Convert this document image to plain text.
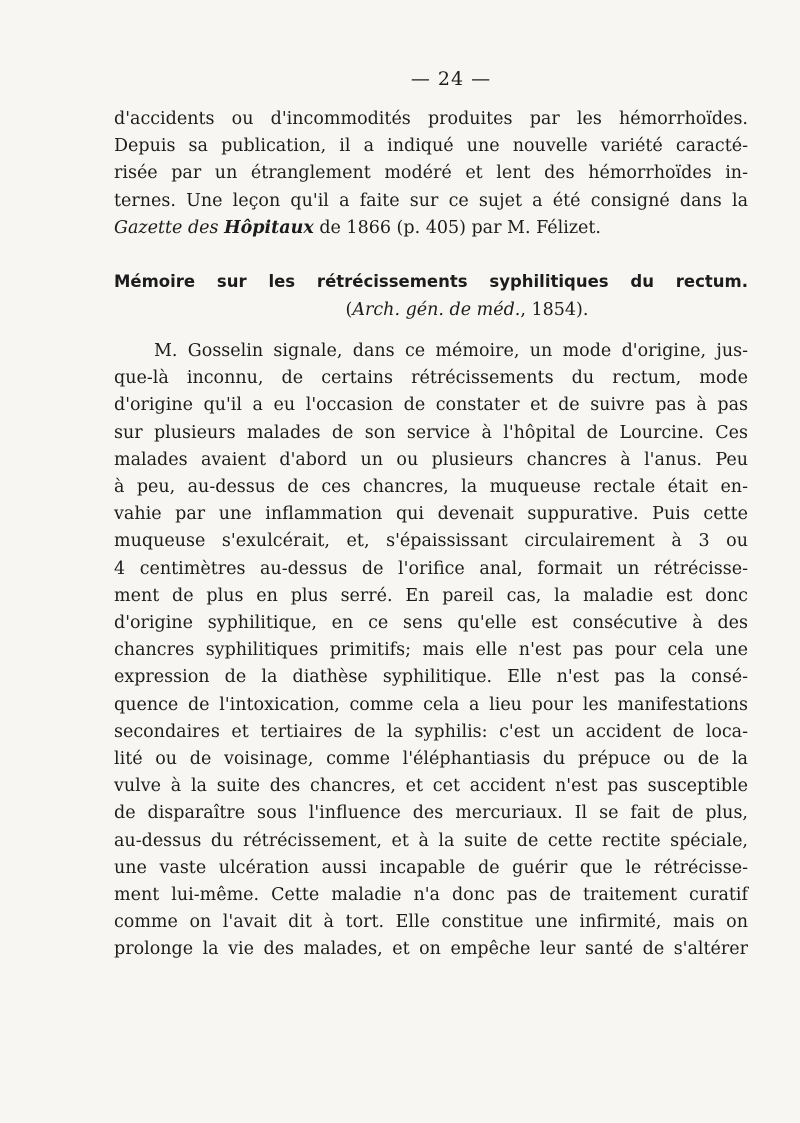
— 24 —

d'accidents ou d'incommodités produites par les hémorrhoïdes.
Depuis sa publication, il a indiqué une nouvelle variété caracté-
risée par un étranglement modéré et lent des hémorrhoïdes in-
ternes. Une leçon qu'il a faite sur ce sujet a été consigné dans la
Gazette des Hôpitaux de 1866 (p. 405) par M. Félizet.

Mémoire sur les rétrécissements syphilitiques du rectum.
(Arch. gén. de méd., 1854).

M. Gosselin signale, dans ce mémoire, un mode d'origine, jus-
que-là inconnu, de certains rétrécissements du rectum, mode
d'origine qu'il a eu l'occasion de constater et de suivre pas à pas
sur plusieurs malades de son service à l'hôpital de Lourcine. Ces
malades avaient d'abord un ou plusieurs chancres à l'anus. Peu
à peu, au-dessus de ces chancres, la muqueuse rectale était en-
vahie par une inflammation qui devenait suppurative. Puis cette
muqueuse s'exulcérait, et, s'épaississant circulairement à 3 ou
4 centimètres au-dessus de l'orifice anal, formait un rétrécisse-
ment de plus en plus serré. En pareil cas, la maladie est donc
d'origine syphilitique, en ce sens qu'elle est consécutive à des
chancres syphilitiques primitifs; mais elle n'est pas pour cela une
expression de la diathèse syphilitique. Elle n'est pas la consé-
quence de l'intoxication, comme cela a lieu pour les manifestations
secondaires et tertiaires de la syphilis: c'est un accident de loca-
lité ou de voisinage, comme l'éléphantiasis du prépuce ou de la
vulve à la suite des chancres, et cet accident n'est pas susceptible
de disparaître sous l'influence des mercuriaux. Il se fait de plus,
au-dessus du rétrécissement, et à la suite de cette rectite spéciale,
une vaste ulcération aussi incapable de guérir que le rétrécisse-
ment lui-même. Cette maladie n'a donc pas de traitement curatif
comme on l'avait dit à tort. Elle constitue une infirmité, mais on
prolonge la vie des malades, et on empêche leur santé de s'altérer
